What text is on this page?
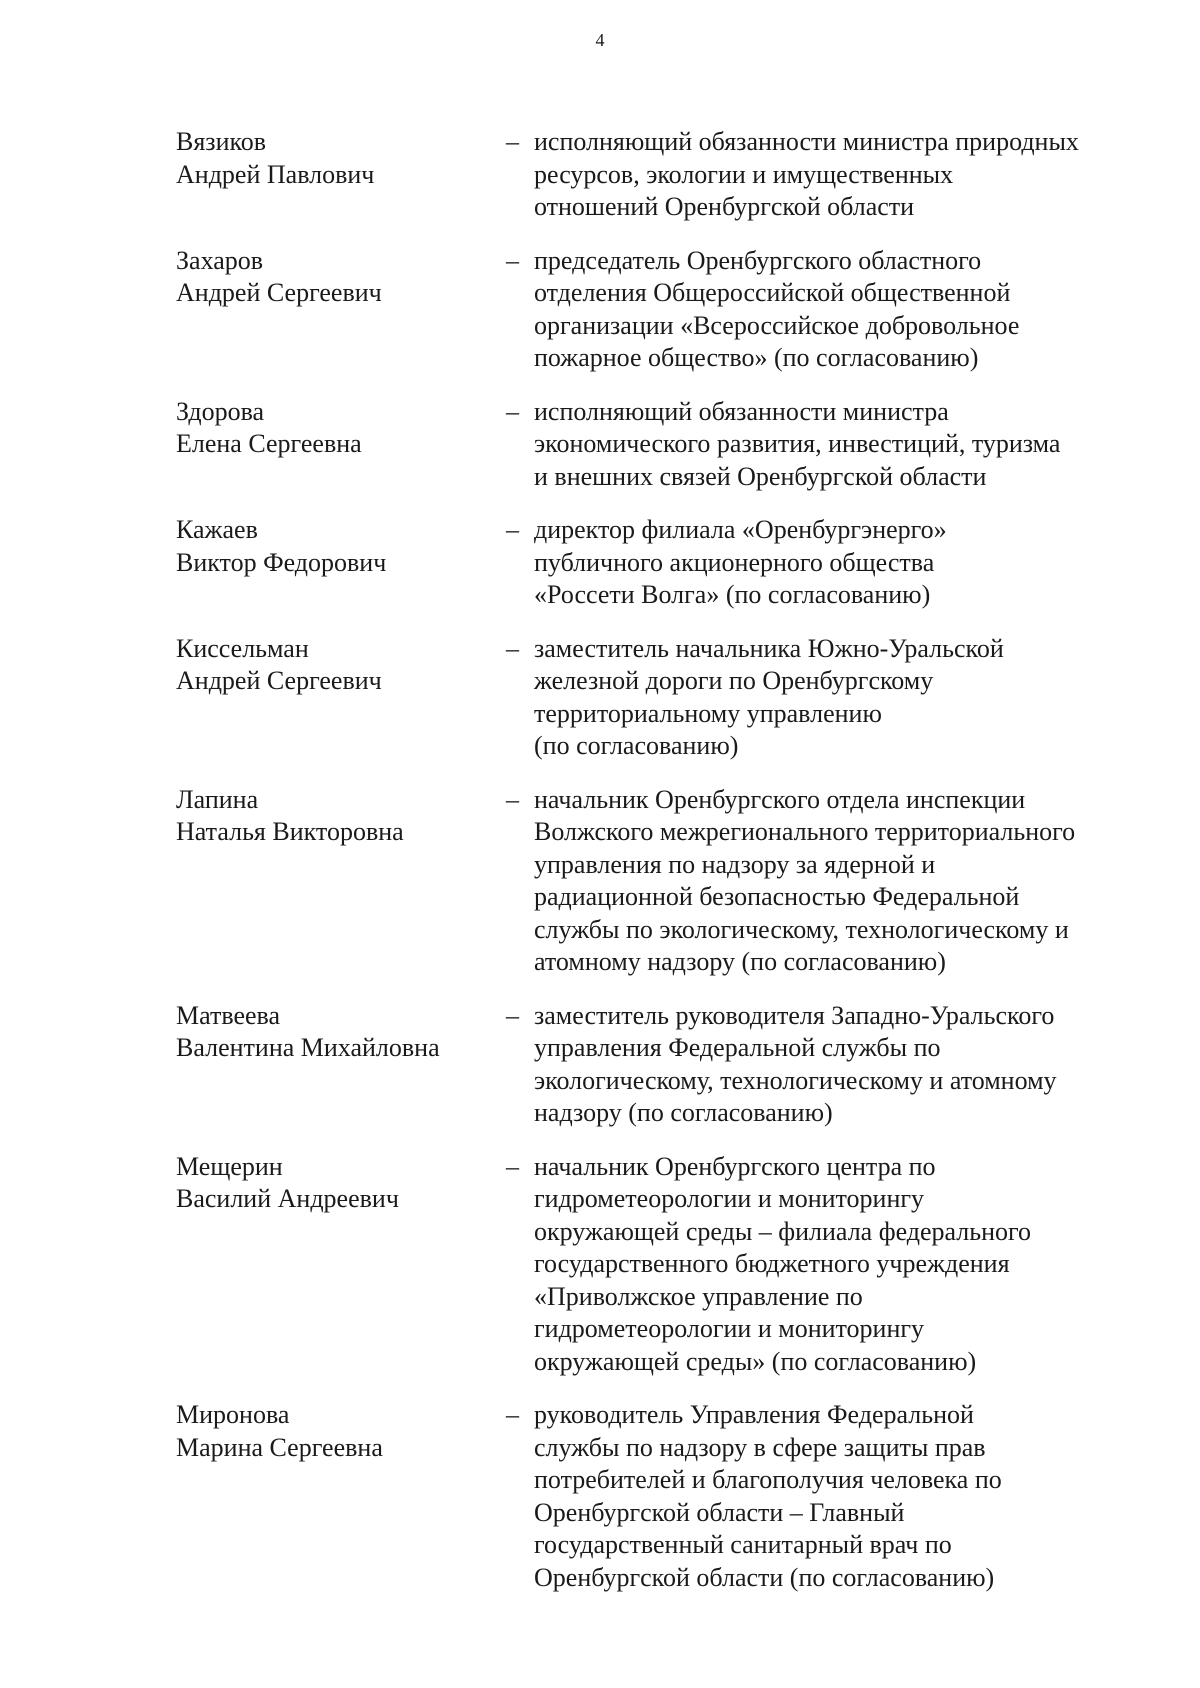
4
Вязиков
Андрей Павлович
– исполняющий обязанности министра природных
ресурсов, экологии и имущественных
отношений Оренбургской области
Захаров
Андрей Сергеевич
– председатель Оренбургского областного
отделения Общероссийской общественной
организации «Всероссийское добровольное
пожарное общество» (по согласованию)
Здорова
Елена Сергеевна
– исполняющий обязанности министра
экономического развития, инвестиций, туризма
и внешних связей Оренбургской области
Кажаев
Виктор Федорович
– директор филиала «Оренбургэнерго»
публичного акционерного общества
«Россети Волга» (по согласованию)
Киссельман
Андрей Сергеевич
– заместитель начальника Южно-Уральской
железной дороги по Оренбургскому
территориальному управлению
(по согласованию)
Лапина
Наталья Викторовна
– начальник Оренбургского отдела инспекции
Волжского межрегионального территориального
управления по надзору за ядерной и
радиационной безопасностью Федеральной
службы по экологическому, технологическому и
атомному надзору (по согласованию)
Матвеева
Валентина Михайловна
– заместитель руководителя Западно-Уральского
управления Федеральной службы по
экологическому, технологическому и атомному
надзору (по согласованию)
Мещерин
Василий Андреевич
– начальник Оренбургского центра по
гидрометеорологии и мониторингу
окружающей среды – филиала федерального
государственного бюджетного учреждения
«Приволжское управление по
гидрометеорологии и мониторингу
окружающей среды» (по согласованию)
Миронова
Марина Сергеевна
– руководитель Управления Федеральной
службы по надзору в сфере защиты прав
потребителей и благополучия человека по
Оренбургской области – Главный
государственный санитарный врач по
Оренбургской области (по согласованию)
